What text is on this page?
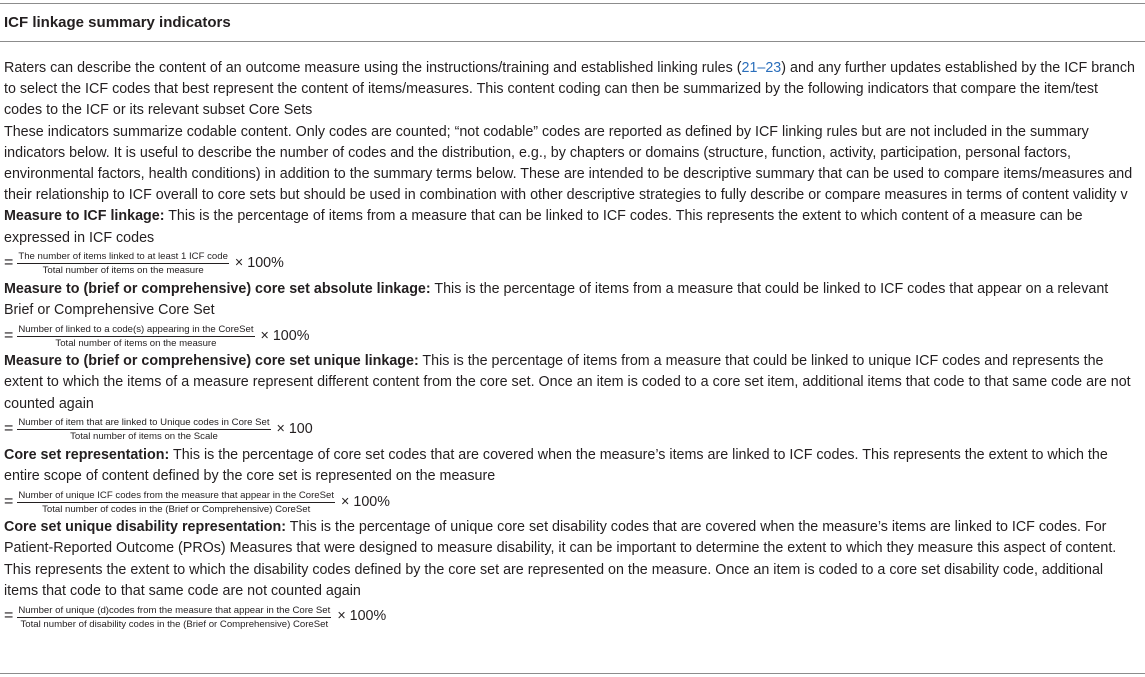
ICF linkage summary indicators

Raters can describe the content of an outcome measure using the instructions/training and established linking rules (21–23) and any further updates established by the ICF branch to select the ICF codes that best represent the content of items/measures. This content coding can then be summarized by the following indicators that compare the item/test codes to the ICF or its relevant subset Core Sets

These indicators summarize codable content. Only codes are counted; “not codable” codes are reported as defined by ICF linking rules but are not included in the summary indicators below. It is useful to describe the number of codes and the distribution, e.g., by chapters or domains (structure, function, activity, participation, personal factors, environmental factors, health conditions) in addition to the summary terms below. These are intended to be descriptive summary that can be used to compare items/measures and their relationship to ICF overall to core sets but should be used in combination with other descriptive strategies to fully describe or compare measures in terms of content validity v

Measure to ICF linkage: This is the percentage of items from a measure that can be linked to ICF codes. This represents the extent to which content of a measure can be expressed in ICF codes

= $\frac{\text{The number of items linked to at least 1 ICF code}}{\text{Total number of items on the measure}} \times 100\%$

Measure to (brief or comprehensive) core set absolute linkage: This is the percentage of items from a measure that could be linked to ICF codes that appear on a relevant Brief or Comprehensive Core Set

= $\frac{\text{Number of linked to a code(s) appearing in the CoreSet}}{\text{Total number of items on the measure}} \times 100\%$

Measure to (brief or comprehensive) core set unique linkage: This is the percentage of items from a measure that could be linked to unique ICF codes and represents the extent to which the items of a measure represent different content from the core set. Once an item is coded to a core set item, additional items that code to that same code are not counted again

= $\frac{\text{Number of item that are linked to Unique codes in Core Set}}{\text{Total number of items on the Scale}} \times 100$

Core set representation: This is the percentage of core set codes that are covered when the measure’s items are linked to ICF codes. This represents the extent to which the entire scope of content defined by the core set is represented on the measure

= Number of unique ICF codes from the measure that appear in the CoreSet
Total number of codes in the (Brief or Comprehensive) CoreSet × 100%

Core set unique disability representation: This is the percentage of unique core set disability codes that are covered when the measure’s items are linked to ICF codes. For Patient-Reported Outcome (PROs) Measures that were designed to measure disability, it can be important to determine the extent to which they measure this aspect of content. This represents the extent to which the disability codes defined by the core set are represented on the measure. Once an item is coded to a core set disability code, additional items that code to that same code are not counted again

= Number of unique (d)codes from the measure that appear in the Core Set
Total number of disability codes in the (Brief or Comprehensive) CoreSet × 100%
